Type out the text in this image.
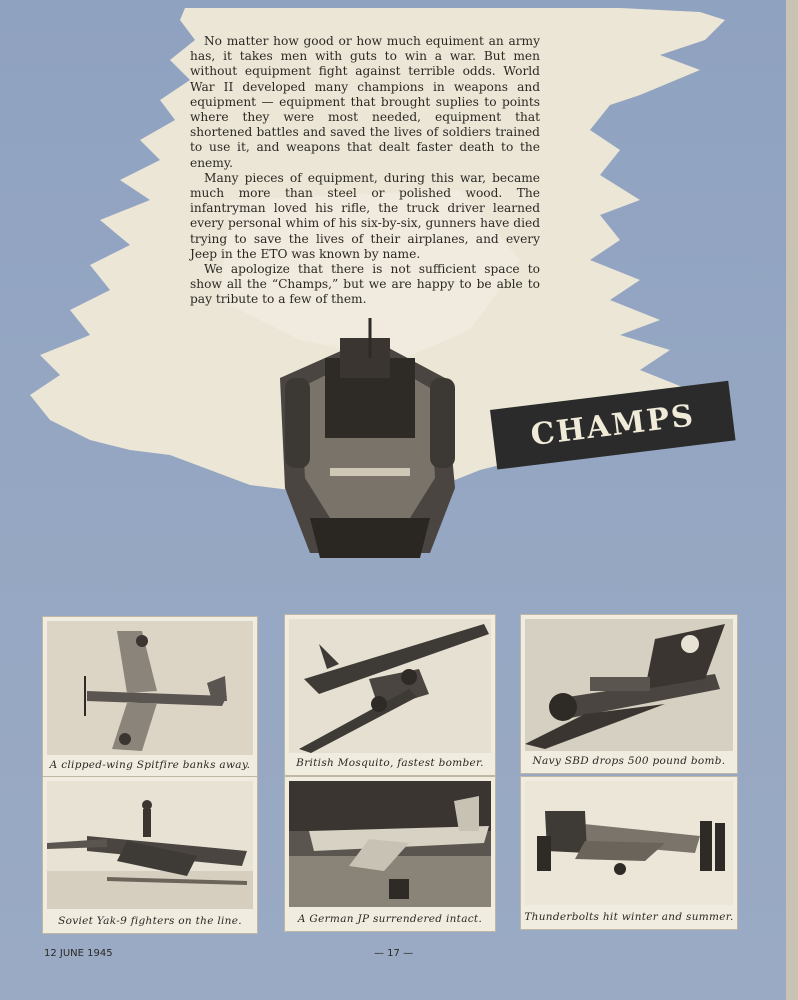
No matter how good or how much equiment an army has, it takes men with guts to win a war. But men without equipment fight against terrible odds. World War II developed many champions in weapons and equipment — equipment that brought suplies to points where they were most needed, equipment that shortened battles and saved the lives of soldiers trained to use it, and weapons that dealt faster death to the enemy.

Many pieces of equipment, during this war, became much more than steel or polished wood. The infantryman loved his rifle, the truck driver learned every personal whim of his six-by-six, gunners have died trying to save the lives of their airplanes, and every Jeep in the ETO was known by name.

We apologize that there is not sufficient space to show all the “Champs,” but we are happy to be able to pay tribute to a few of them.

CHAMPS
A clipped-wing Spitfire banks away.	British Mosquito, fastest bomber.	Navy SBD drops 500 pound bomb.
Soviet Yak-9 fighters on the line.	A German JP surrendered intact.	Thunderbolts hit winter and summer.
12 JUNE 1945	— 17 —
